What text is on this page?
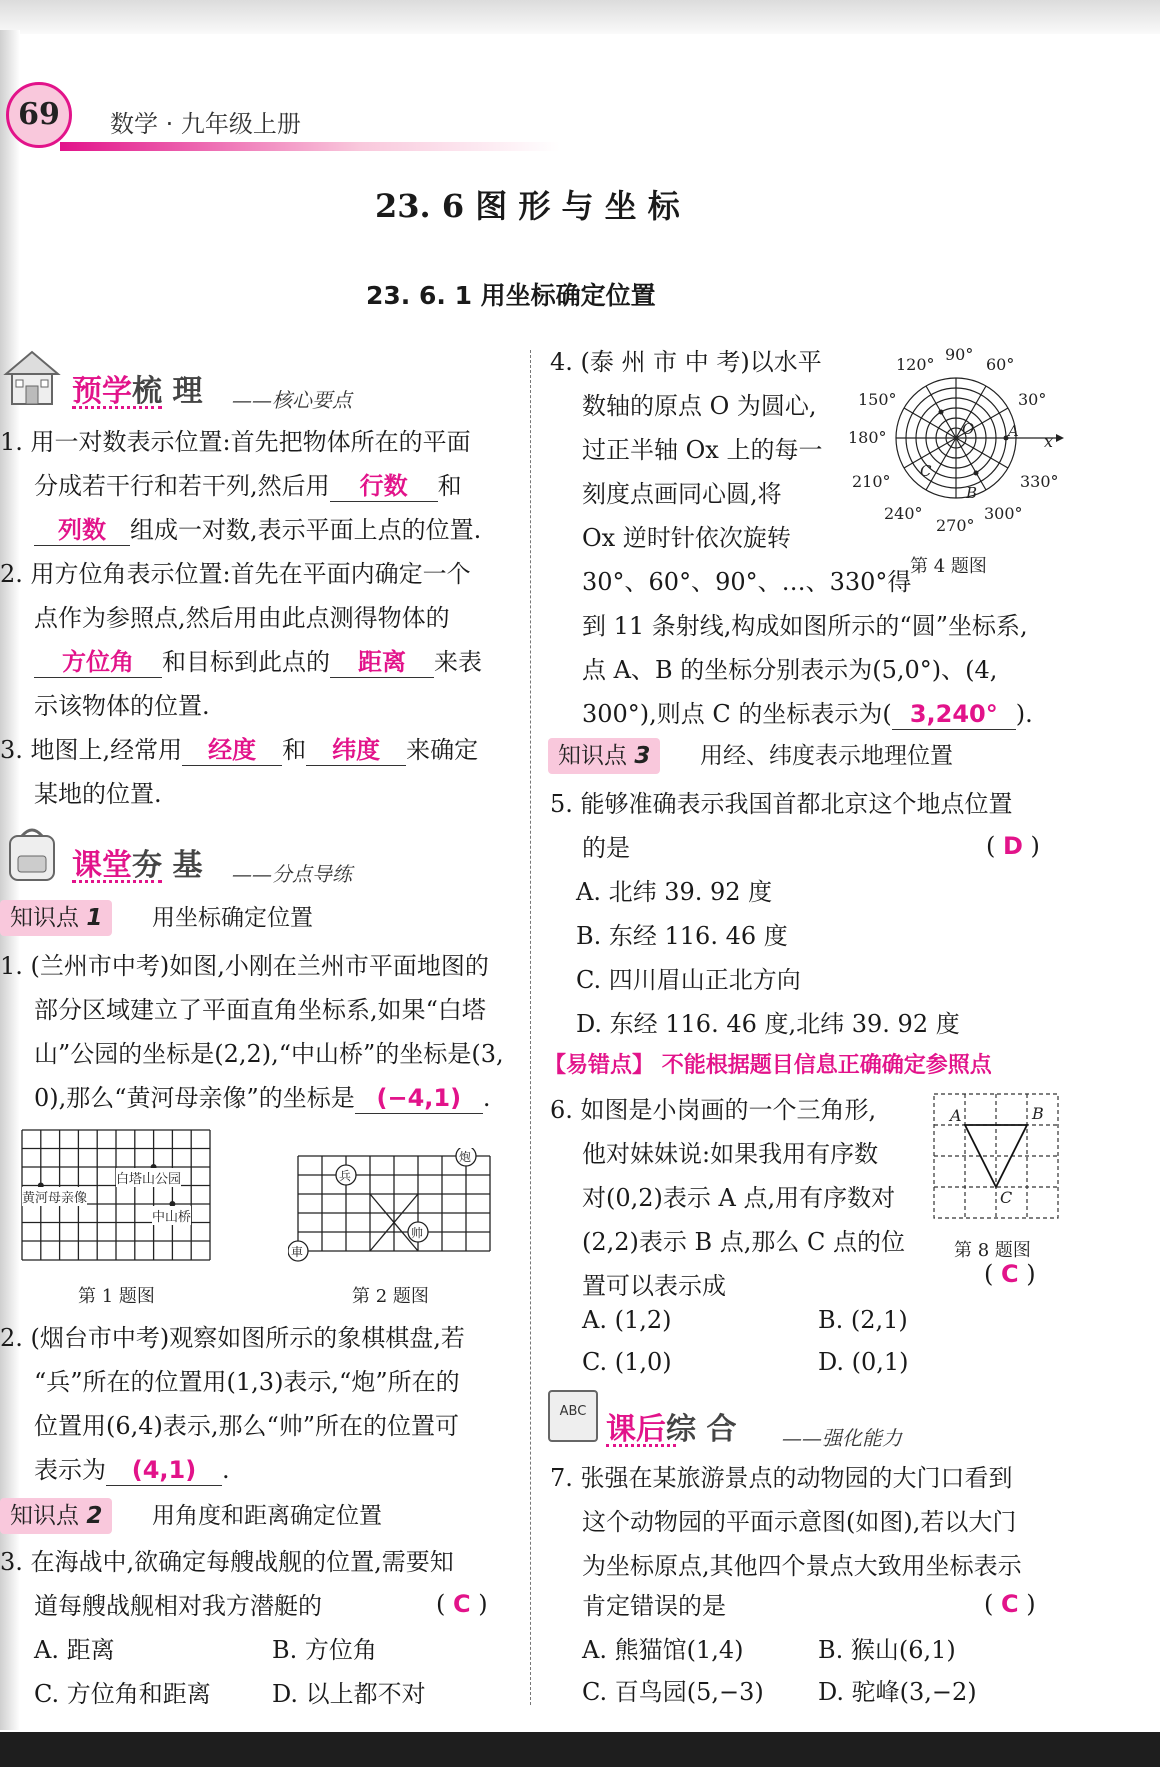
69	数学 · 九年级上册
23. 6 图 形 与 坐 标
23. 6. 1 用坐标确定位置
预学梳 理 ——核心要点
1. 用一对数表示位置:首先把物体所在的平面
分成若干行和若干列,然后用 行数 和
列数 组成一对数,表示平面上点的位置.
2. 用方位角表示位置:首先在平面内确定一个
点作为参照点,然后用由此点测得物体的
方位角 和目标到此点的 距离 来表
示该物体的位置.
3. 地图上,经常用 经度 和 纬度 来确定
某地的位置.
课堂夯 基 ——分点导练
知识点 1	用坐标确定位置
1. (兰州市中考)如图,小刚在兰州市平面地图的
部分区域建立了平面直角坐标系,如果“白塔
山”公园的坐标是(2,2),“中山桥”的坐标是(3,
0),那么“黄河母亲像”的坐标是 (−4,1) .
白塔山公园
黄河母亲像
中山桥
第 1 题图
兵
炮
帅
車
第 2 题图
2. (烟台市中考)观察如图所示的象棋棋盘,若
“兵”所在的位置用(1,3)表示,“炮”所在的
位置用(6,4)表示,那么“帅”所在的位置可
表示为 (4,1) .
知识点 2	用角度和距离确定位置
3. 在海战中,欲确定每艘战舰的位置,需要知
道每艘战舰相对我方潜艇的	( C )
A. 距离	B. 方位角
C. 方位角和距离	D. 以上都不对
4. (泰 州 市 中 考)以水平
数轴的原点 O 为圆心,
过正半轴 Ox 上的每一
刻度点画同心圆,将
Ox 逆时针依次旋转
30°、60°、90°、…、330°得
到 11 条射线,构成如图所示的“圆”坐标系,
点 A、B 的坐标分别表示为(5,0°)、(4,
300°),则点 C 的坐标表示为( 3,240° ).
x
30°
60°
90°
120°
150°
180°
210°
240°
270°
300°
330°
O A
B
C
第 4 题图
知识点 3	用经、纬度表示地理位置
5. 能够准确表示我国首都北京这个地点位置
的是	( D )
A. 北纬 39. 92 度
B. 东经 116. 46 度
C. 四川眉山正北方向
D. 东经 116. 46 度,北纬 39. 92 度
【易错点】 不能根据题目信息正确确定参照点
6. 如图是小岗画的一个三角形,
他对妹妹说:如果我用有序数
对(0,2)表示 A 点,用有序数对
(2,2)表示 B 点,那么 C 点的位
置可以表示成	( C )
A	B
C
第 8 题图
A. (1,2)	B. (2,1)
C. (1,0)	D. (0,1)
ABC
课后综 合 ——强化能力
7. 张强在某旅游景点的动物园的大门口看到
这个动物园的平面示意图(如图),若以大门
为坐标原点,其他四个景点大致用坐标表示
肯定错误的是	( C )
A. 熊猫馆(1,4)	B. 猴山(6,1)
C. 百鸟园(5,−3) D. 驼峰(3,−2)
